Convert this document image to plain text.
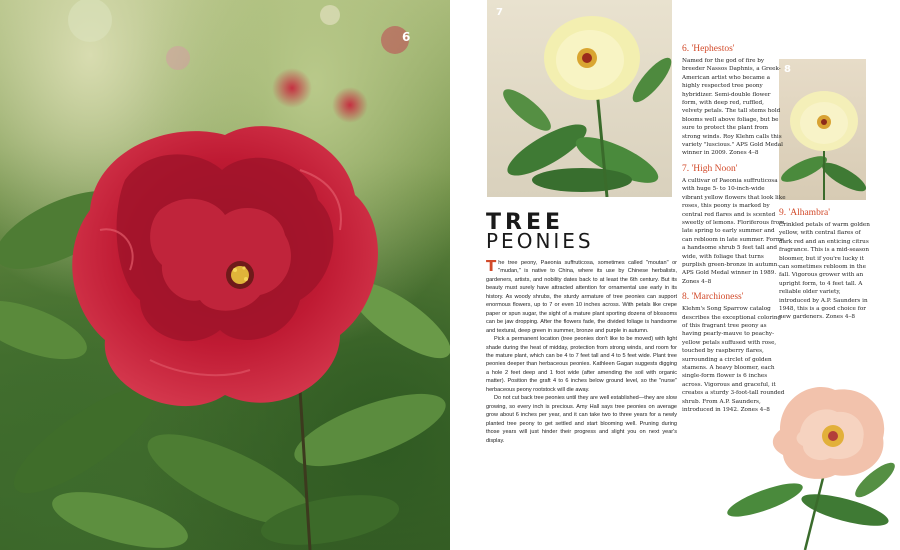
6
7
8
9
TREE
PEONIES

The tree peony, Paeonia suffruticosa, sometimes called "moutan" or "mudan," is native to China, where its use by Chinese herbalists, gardeners, artists, and nobility dates back to at least the 6th century. But its beauty must surely have attracted attention for ornamental use early in its history. As woody shrubs, the sturdy armature of tree peonies can support enormous flowers, up to 7 or even 10 inches across. With petals like crepe paper or spun sugar, the sight of a mature plant sporting dozens of blossoms can be jaw dropping. After the flowers fade, the divided foliage is handsome and textural, deep green in summer, bronze and purple in autumn.

Pick a permanent location (tree peonies don't like to be moved) with light shade during the heat of midday, protection from strong winds, and room for the mature plant, which can be 4 to 7 feet tall and 4 to 5 feet wide. Plant tree peonies deeper than herbaceous peonies. Kathleen Gagan suggests digging a hole 2 feet deep and 1 foot wide (after amending the soil with organic matter). Position the graft 4 to 6 inches below ground level, so the "nurse" herbaceous peony rootstock will die away.

Do not cut back tree peonies until they are well established—they are slow growing, so every inch is precious. Amy Hall says tree peonies on average grow about 6 inches per year, and it can take two to three years for a newly planted tree peony to get settled and start blooming well. Pruning during those years will just hinder their progress and slight you on next year's display.

6. 'Hephestos'
Named for the god of fire by breeder Nassos Daphnis, a Greek-American artist who became a highly respected tree peony hybridizer. Semi-double flower form, with deep red, ruffled, velvety petals. The tall stems hold blooms well above foliage, but be sure to protect the plant from strong winds. Roy Klehm calls this variety "luscious." APS Gold Medal winner in 2009. Zones 4–8
7. 'High Noon'
A cultivar of Paeonia suffruticosa with huge 5- to 10-inch-wide vibrant yellow flowers that look like roses, this peony is marked by central red flares and is scented sweetly of lemons. Floriferous from late spring to early summer and can rebloom in late summer. Forms a handsome shrub 5 feet tall and wide, with foliage that turns purplish green-bronze in autumn. APS Gold Medal winner in 1989. Zones 4–8
8. 'Marchioness'
Klehm's Song Sparrow catalog describes the exceptional coloring of this fragrant tree peony as having pearly-mauve to peachy-yellow petals suffused with rose, touched by raspberry flares, surrounding a circlet of golden stamens. A heavy bloomer, each single-form flower is 6 inches across. Vigorous and graceful, it creates a sturdy 3-foot-tall rounded shrub. From A.P. Saunders, introduced in 1942. Zones 4–8
9. 'Alhambra'
Crinkled petals of warm golden yellow, with central flares of dark red and an enticing citrus fragrance. This is a mid-season bloomer, but if you're lucky it can sometimes rebloom in the fall. Vigorous grower with an upright form, to 4 feet tall. A reliable older variety, introduced by A.P. Saunders in 1948, this is a good choice for new gardeners. Zones 4–8
